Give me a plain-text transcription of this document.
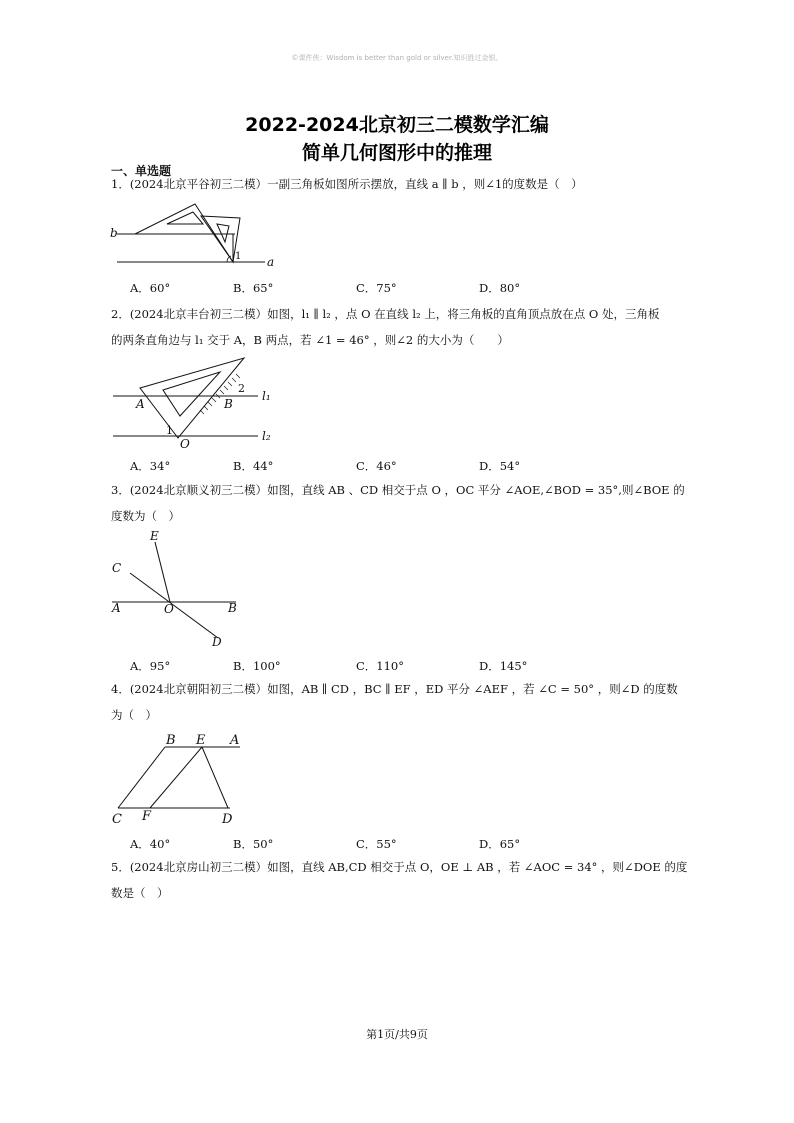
©课件侠：Wisdom is better than gold or silver.知识胜过金银。
2022-2024北京初三二模数学汇编
简单几何图形中的推理
一、单选题
1．(2024北京平谷初三二模）一副三角板如图所示摆放，直线 a ∥ b ，则∠1的度数是（　）
b
1 a
A．60°	B．65°	C．75°	D．80°
2．(2024北京丰台初三二模）如图，l₁ ∥ l₂ ，点 O 在直线 l₂ 上，将三角板的直角顶点放在点 O 处，三角板
的两条直角边与 l₁ 交于 A，B 两点，若 ∠1 = 46° ，则∠2 的大小为（　　）
A	B
2
l₁
1
O
l₂
A．34°	B．44°	C．46°	D．54°
3．(2024北京顺义初三二模）如图，直线 AB 、CD 相交于点 O ，OC 平分 ∠AOE,∠BOD = 35°,则∠BOE 的
度数为（　）
E
C
A	O	B
D
A．95°	B．100°	C．110°	D．145°
4．(2024北京朝阳初三二模）如图，AB ∥ CD ，BC ∥ EF ，ED 平分 ∠AEF ，若 ∠C = 50° ，则∠D 的度数
为（　）
B E A
C F	D
A．40°	B．50°	C．55°	D．65°
5．(2024北京房山初三二模）如图，直线 AB,CD 相交于点 O，OE ⊥ AB ，若 ∠AOC = 34° ，则∠DOE 的度
数是（　）
第1页/共9页
